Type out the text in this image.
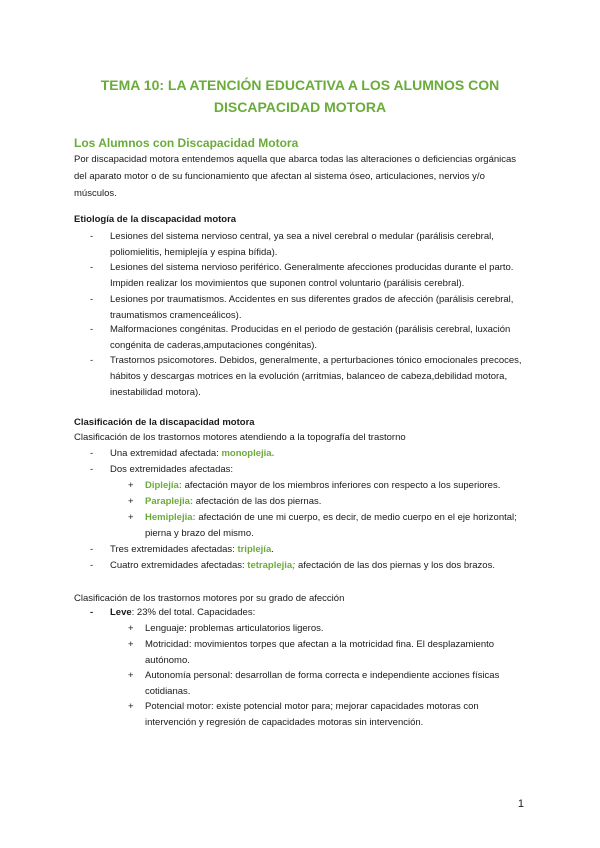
TEMA 10: LA ATENCIÓN EDUCATIVA A LOS ALUMNOS CON
DISCAPACIDAD MOTORA
Los Alumnos con Discapacidad Motora
Por discapacidad motora entendemos aquella que abarca todas las alteraciones o deficiencias orgánicas del aparato motor o de su funcionamiento que afectan al sistema óseo, articulaciones, nervios y/o músculos.
Etiología de la discapacidad motora
- Lesiones del sistema nervioso central, ya sea a nivel cerebral o medular (parálisis cerebral, poliomielitis, hemiplejía y espina bífida).
- Lesiones del sistema nervioso periférico. Generalmente afecciones producidas durante el parto. Impiden realizar los movimientos que suponen control voluntario (parálisis cerebral).
- Lesiones por traumatismos. Accidentes en sus diferentes grados de afección (parálisis cerebral, traumatismos cramenceálicos).
- Malformaciones congénitas. Producidas en el periodo de gestación (parálisis cerebral, luxación congénita de caderas,amputaciones congénitas).
- Trastornos psicomotores. Debidos, generalmente, a perturbaciones tónico emocionales precoces, hábitos y descargas motrices en la evolución (arritmias, balanceo de cabeza,debilidad motora, inestabilidad motora).
Clasificación de la discapacidad motora
Clasificación de los trastornos motores atendiendo a la topografía del trastorno
- Una extremidad afectada: monoplejia.
- Dos extremidades afectadas:
+ Diplejía: afectación mayor de los miembros inferiores con respecto a los superiores.
+ Paraplejia: afectación de las dos piernas.
+ Hemiplejia: afectación de une mi cuerpo, es decir, de medio cuerpo en el eje horizontal; pierna y brazo del mismo.
- Tres extremidades afectadas: triplejía.
- Cuatro extremidades afectadas: tetraplejia; afectación de las dos piernas y los dos brazos.
Clasificación de los trastornos motores por su grado de afección
- Leve: 23% del total. Capacidades:
+ Lenguaje: problemas articulatorios ligeros.
+ Motricidad: movimientos torpes que afectan a la motricidad fina. El desplazamiento autónomo.
+ Autonomía personal: desarrollan de forma correcta e independiente acciones físicas cotidianas.
+ Potencial motor: existe potencial motor para; mejorar capacidades motoras con intervención y regresión de capacidades motoras sin intervención.
1
